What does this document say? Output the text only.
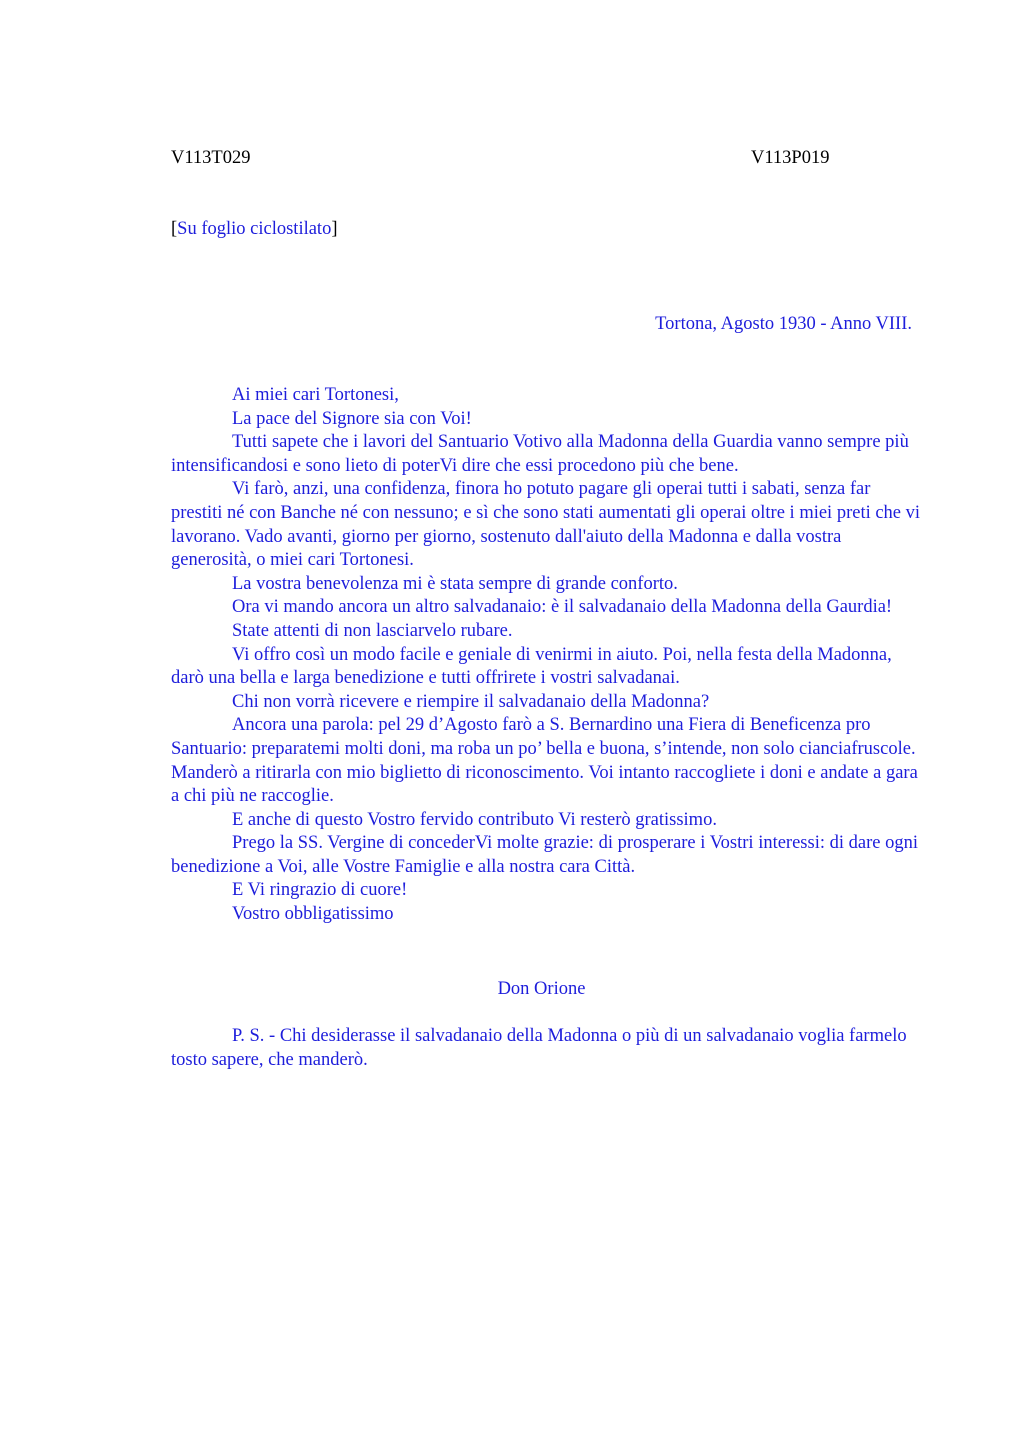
V113T029	V113P019
[Su foglio ciclostilato]
Tortona, Agosto 1930 - Anno VIII.

Ai miei cari Tortonesi,

La pace del Signore sia con Voi!

Tutti sapete che i lavori del Santuario Votivo alla Madonna della Guardia vanno sempre più intensificandosi e sono lieto di poterVi dire che essi procedono più che bene.

Vi farò, anzi, una confidenza, finora ho potuto pagare gli operai tutti i sabati, senza far prestiti né con Banche né con nessuno; e sì che sono stati aumentati gli operai oltre i miei preti che vi lavorano. Vado avanti, giorno per giorno, sostenuto dall'aiuto della Madonna e dalla vostra generosità, o miei cari Tortonesi.

La vostra benevolenza mi è stata sempre di grande conforto.

Ora vi mando ancora un altro salvadanaio: è il salvadanaio della Madonna della Gaurdia!

State attenti di non lasciarvelo rubare.

Vi offro così un modo facile e geniale di venirmi in aiuto. Poi, nella festa della Madonna, darò una bella e larga benedizione e tutti offrirete i vostri salvadanai.

Chi non vorrà ricevere e riempire il salvadanaio della Madonna?

Ancora una parola: pel 29 d’Agosto farò a S. Bernardino una Fiera di Beneficenza pro Santuario: preparatemi molti doni, ma roba un po’ bella e buona, s’intende, non solo cianciafruscole. Manderò a ritirarla con mio biglietto di riconoscimento. Voi intanto raccogliete i doni e andate a gara a chi più ne raccoglie.

E anche di questo Vostro fervido contributo Vi resterò gratissimo.

Prego la SS. Vergine di concederVi molte grazie: di prosperare i Vostri interessi: di dare ogni benedizione a Voi, alle Vostre Famiglie e alla nostra cara Città.

E Vi ringrazio di cuore!

Vostro obbligatissimo

Don Orione

P. S. - Chi desiderasse il salvadanaio della Madonna o più di un salvadanaio voglia farmelo tosto sapere, che manderò.
